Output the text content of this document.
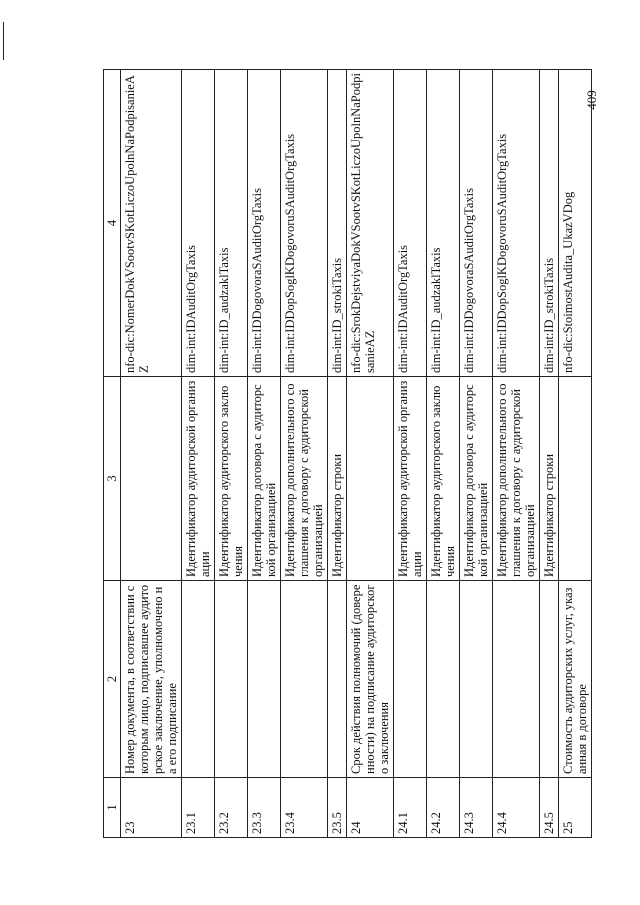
409
1	2	3	4
23	Номер документа, в соответствии с которым лицо, подписавшее аудиторское заключение, уполномочено на его подписание		nfo-dic:NomerDokVSootvSKotLiczoUpolnNaPodpisanieAZ
23.1		Идентификатор аудиторской организации	dim-int:IDAuditOrgTaxis
23.2		Идентификатор аудиторского заключения	dim-int:ID_audzaklTaxis
23.3		Идентификатор договора с аудиторской организацией	dim-int:IDDogovoraSAuditOrgTaxis
23.4		Идентификатор дополнительного соглашения к договору с аудиторской организацией	dim-int:IDDopSoglKDogovoruSAuditOrgTaxis
23.5		Идентификатор строки	dim-int:ID_strokiTaxis
24	Срок действия полномочий (доверенности) на подписание аудиторского заключения		nfo-dic:SrokDejstviyaDokVSootvSKotLiczoUpolnNaPodpisanieAZ
24.1		Идентификатор аудиторской организации	dim-int:IDAuditOrgTaxis
24.2		Идентификатор аудиторского заключения	dim-int:ID_audzaklTaxis
24.3		Идентификатор договора с аудиторской организацией	dim-int:IDDogovoraSAuditOrgTaxis
24.4		Идентификатор дополнительного соглашения к договору с аудиторской организацией	dim-int:IDDopSoglKDogovoruSAuditOrgTaxis
24.5		Идентификатор строки	dim-int:ID_strokiTaxis
25	Стоимость аудиторских услуг, указанная в договоре		nfo-dic:StoimostAudita_UkazVDog
